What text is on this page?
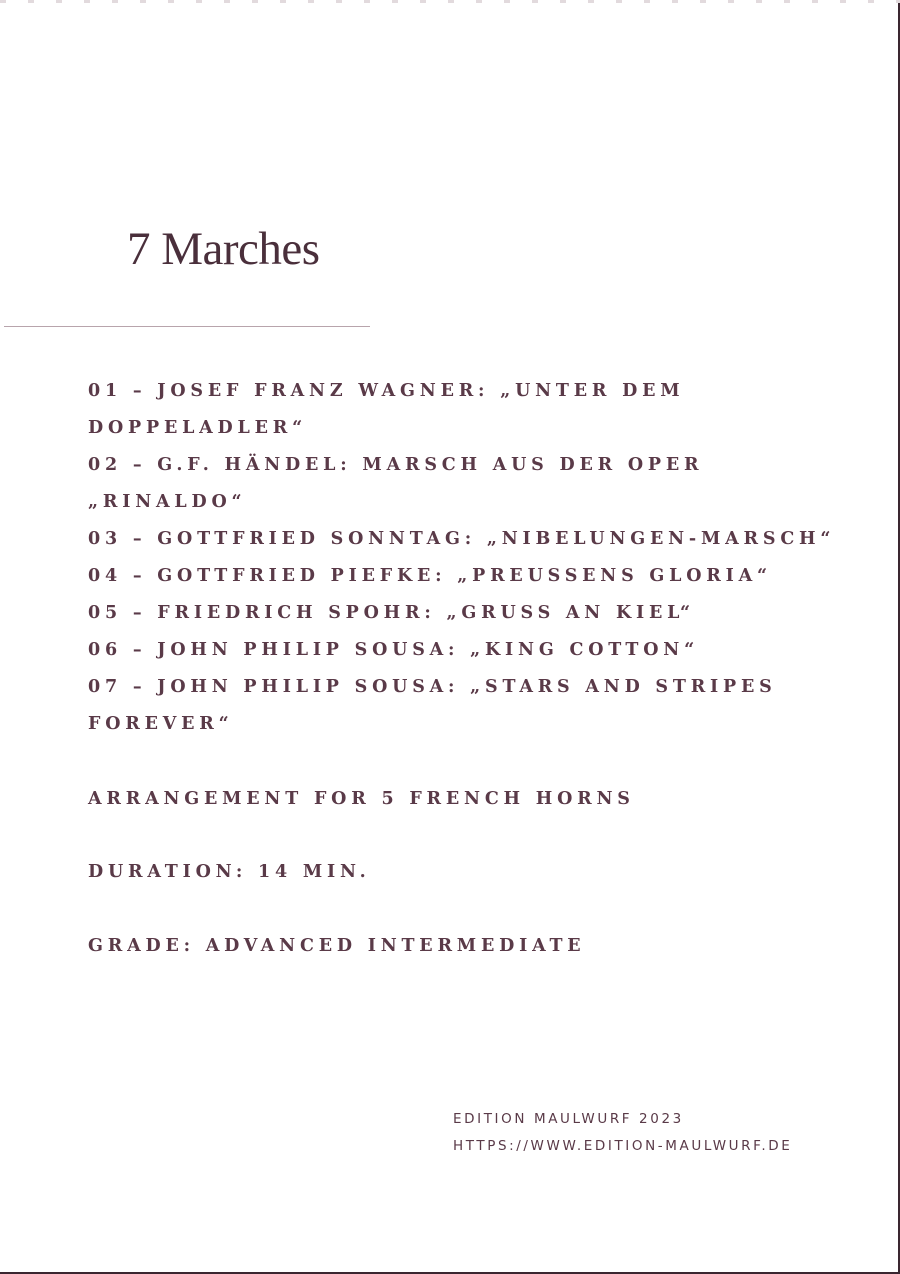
7 Marches
01 – JOSEF FRANZ WAGNER: „UNTER DEM
DOPPELADLER“
02 – G.F. HÄNDEL: MARSCH AUS DER OPER
„RINALDO“
03 – GOTTFRIED SONNTAG: „NIBELUNGEN-MARSCH“
04 – GOTTFRIED PIEFKE: „PREUSSENS GLORIA“
05 – FRIEDRICH SPOHR: „GRUSS AN KIEL“
06 – JOHN PHILIP SOUSA: „KING COTTON“
07 – JOHN PHILIP SOUSA: „STARS AND STRIPES
FOREVER“

ARRANGEMENT FOR 5 FRENCH HORNS

DURATION: 14 MIN.

GRADE: ADVANCED INTERMEDIATE

EDITION MAULWURF 2023
HTTPS://WWW.EDITION-MAULWURF.DE
